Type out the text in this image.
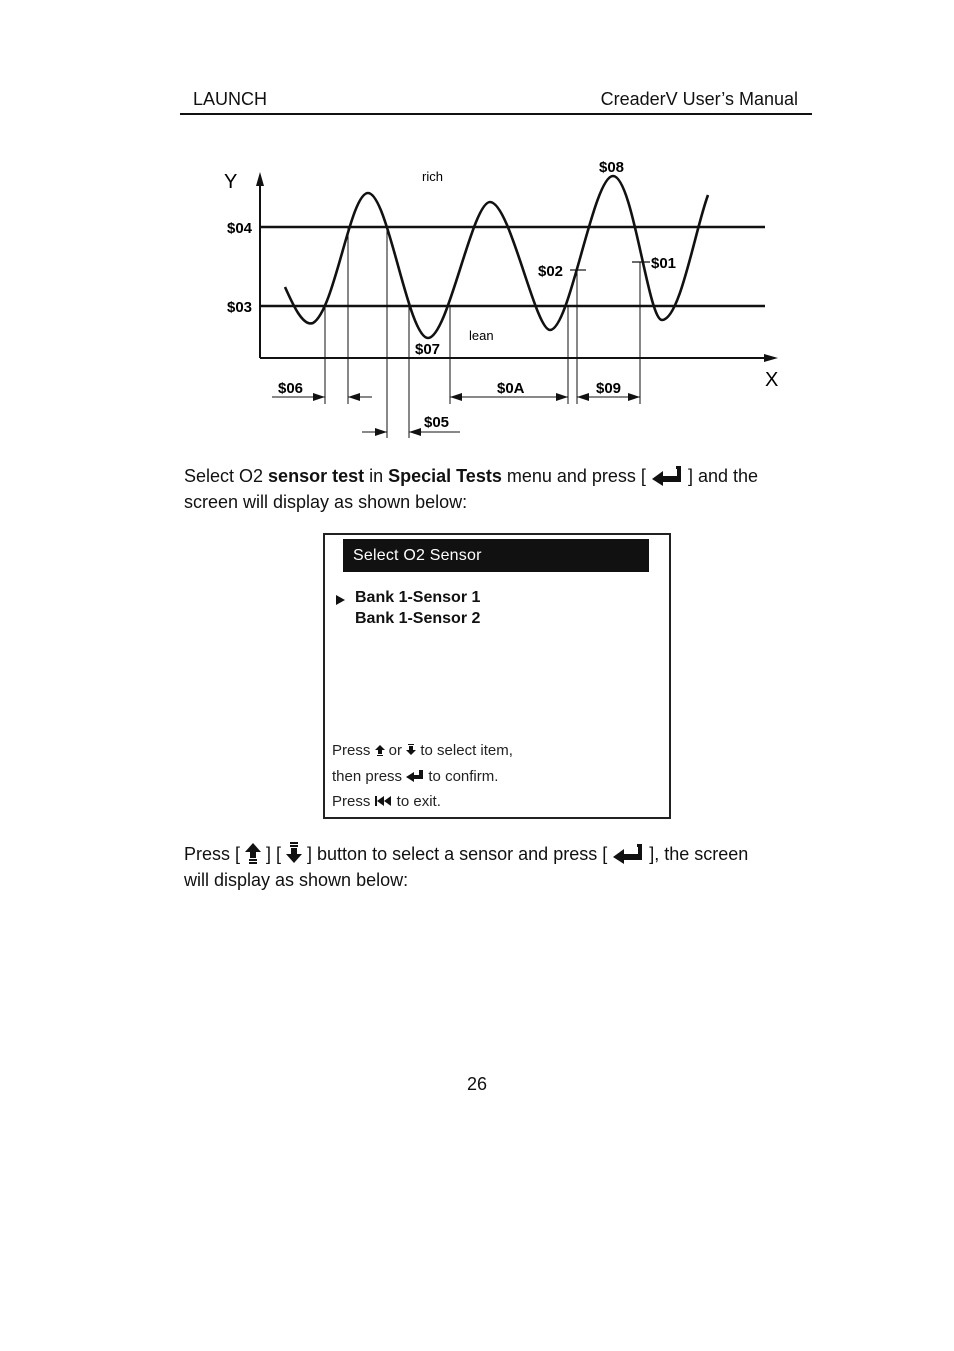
LAUNCH	CreaderV User’s Manual
Y
X
rich
lean
$04
$03
$08
$07
$02	$01
$06	$0A	$09
$05
Select O2 sensor test in Special Tests menu and press [  ] and the
screen will display as shown below:
Select O2 Sensor
Bank 1-Sensor 1
Bank 1-Sensor 2
Press  or  to select item,
then press  to confirm.
Press  to exit.
Press [  ] [  ] button to select a sensor and press [  ], the screen
will display as shown below:
26
